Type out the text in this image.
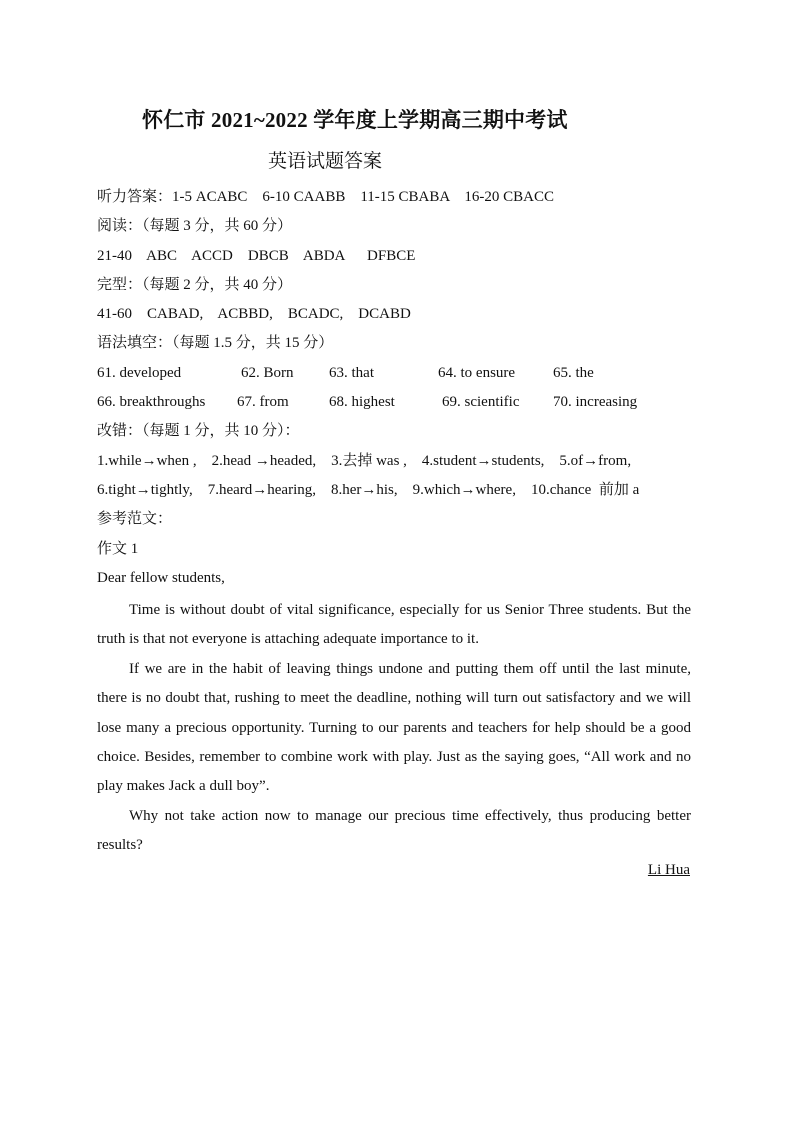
怀仁市 2021~2022 学年度上学期高三期中考试
英语试题答案
听力答案：1-5 ACABC    6-10 CAABB    11-15 CBABA    16-20 CBACC
阅读：（每题 3 分，共 60 分）
21-40    ABC    ACCD    DBCB    ABDA      DFBCE
完型：（每题 2 分，共 40 分）
41-60    CABAD,    ACBBD,    BCADC,    DCABD
语法填空：（每题 1.5 分，共 15 分）
61. developed	62. Born 63. that	64. to ensure	65. the
66. breakthroughs 67. from	68. highest	69. scientific 70. increasing
改错：（每题 1 分，共 10 分）：
1.while→when ,    2.head →headed,    3.去掉 was ,    4.student→students,    5.of→from,
6.tight→tightly,    7.heard→hearing,    8.her→his,    9.which→where,    10.chance  前加 a
参考范文：
作文 1
Dear fellow students,

Time is without doubt of vital significance, especially for us Senior Three students. But the truth is that not everyone is attaching adequate importance to it.

If we are in the habit of leaving things undone and putting them off until the last minute, there is no doubt that, rushing to meet the deadline, nothing will turn out satisfactory and we will lose many a precious opportunity. Turning to our parents and teachers for help should be a good choice. Besides, remember to combine work with play. Just as the saying goes, “All work and no play makes Jack a dull boy”.

Why not take action now to manage our precious time effectively, thus producing better results?

Li Hua
